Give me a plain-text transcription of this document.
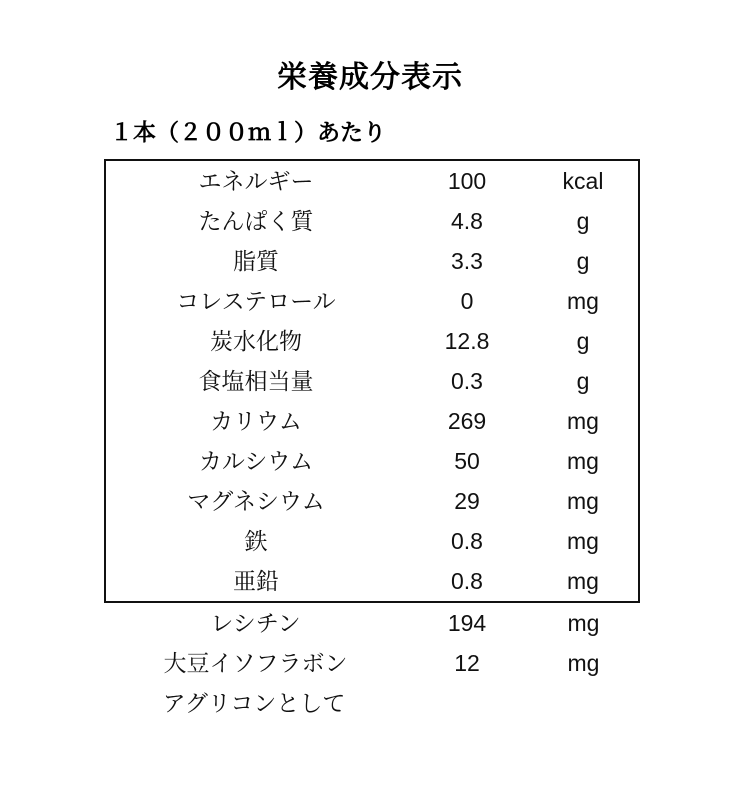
栄養成分表示
１本（２００ｍｌ）あたり
エネルギー	100	kcal
たんぱく質	4.8	g
脂質	3.3	g
コレステロール	0	mg
炭水化物	12.8	g
食塩相当量	0.3	g
カリウム	269	mg
カルシウム	50	mg
マグネシウム	29	mg
鉄	0.8	mg
亜鉛	0.8	mg
レシチン	194	mg
大豆イソフラボン	12	mg
アグリコンとして
